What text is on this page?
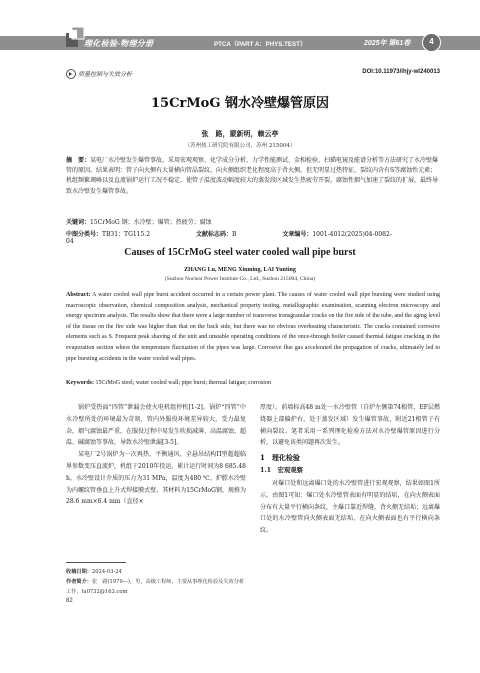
理化检验-物理分册	PTCA（PART A：PHYS.TEST）	2025年 第61卷	4
质量控制与失效分析	DOI:10.11973/lhjy-wl240013
15CrMoG 钢水冷壁爆管原因
张　路，蒙新明，赖云亭
（苏州热工研究院有限公司，苏州 215004）
摘　要：某电厂水冷壁发生爆管事故。采用宏观观察、化学成分分析、力学性能测试、金相检验、扫描电镜及能谱分析等方法研究了水冷壁爆管的原因。结果表明：管子向火侧有大量横向管晶裂纹，向火侧组织老化程度高于背火侧，但无明显过热特征，裂纹内含有S等腐蚀性元素；机组频繁调峰以及直流锅炉运行工况不稳定，使管子温度波动幅度较大的蒸发段区域发生热疲劳开裂，腐蚀性烟气加速了裂纹的扩展，最终导致水冷壁发生爆管事故。
关键词：15CrMoG 钢；水冷壁；爆管；热疲劳；腐蚀
中图分类号：TB31；TG115.2	文献标志码：B	文章编号：1001-4012(2025)04-0082-04
Causes of 15CrMoG steel water cooled wall pipe burst
ZHANG Lu, MENG Xinming, LAI Yunting
(Suzhou Nuclear Power Institute Co., Ltd., Suzhou 215004, China)
Abstract: A water cooled wall pipe burst accident occurred in a certain power plant. The causes of water cooled wall pipe bursting were studied using macroscopic observation, chemical composition analysis, mechanical property testing, metallographic examination, scanning electron microscopy and energy spectrum analysis. The results show that there were a large number of transverse transgranular cracks on the fire side of the tube, and the aging level of the tissue on the fire side was higher than that on the back side, but there was no obvious overheating characteristic. The cracks contained corrosive elements such as S. Frequent peak shaving of the unit and unstable operating conditions of the once-through boiler caused thermal fatigue cracking in the evaporation section where the temperature fluctuation of the pipes was large. Corrosive flue gas accelerated the propagation of cracks, ultimately led to pipe bursting accidents in the water cooled wall pipes.
Keywords: 15CrMoG steel; water cooled wall; pipe burst; thermal fatigue; corrosion

锅炉受热面“四管”泄漏会使火电机组停机[1-2]。锅炉“四管”中水冷壁所处的环境最为苛刻，管内外服役环境差异较大，受力最复杂，烟气腐蚀最严重，在服役过程中易发生吹损减薄、高温腐蚀、超温、碱腐蚀等事故，导致水冷壁泄漏[3-5]。

某电厂2号锅炉为一次再热、平衡通风、全悬吊结构Π型超超临界参数变压直流炉，机组于2010年投运，累计运行时间为8 685.48 h。水冷壁设计介质的压力为31 MPa，温度为480 ℃。炉膛水冷壁为内螺纹管垂直上升式焊接膜式壁，其材料为15CrMoG钢，规格为28.6 mm×6.4 mm（直径×

厚度）。前墙标高48 m处一水冷壁管（自炉左侧第74根管，EF层燃烧器上部偏炉右，处于蒸发区域）发生爆管事故，附近21根管子有横向裂纹。笔者采用一系列理化检验方法对水冷壁爆管原因进行分析，以避免该类问题再次发生。

1　理化检验
1.1　宏观观察

对爆口处和远离爆口处的水冷壁管进行宏观观察，结果如图1所示。由图1可知：爆口处水冷壁管表面有明显的结垢，在向火侧表面分布有大量平行横向条纹，主爆口靠近焊缝，背火侧无结垢；远离爆口处的水冷壁管向火侧表面无结垢，在向火侧表面也有平行横向条纹。

收稿日期：2024-03-24
作者简介：张　路(1979—)，男，高级工程师，主要从事理化检验及失效分析工作，lu0732@163.com
82
